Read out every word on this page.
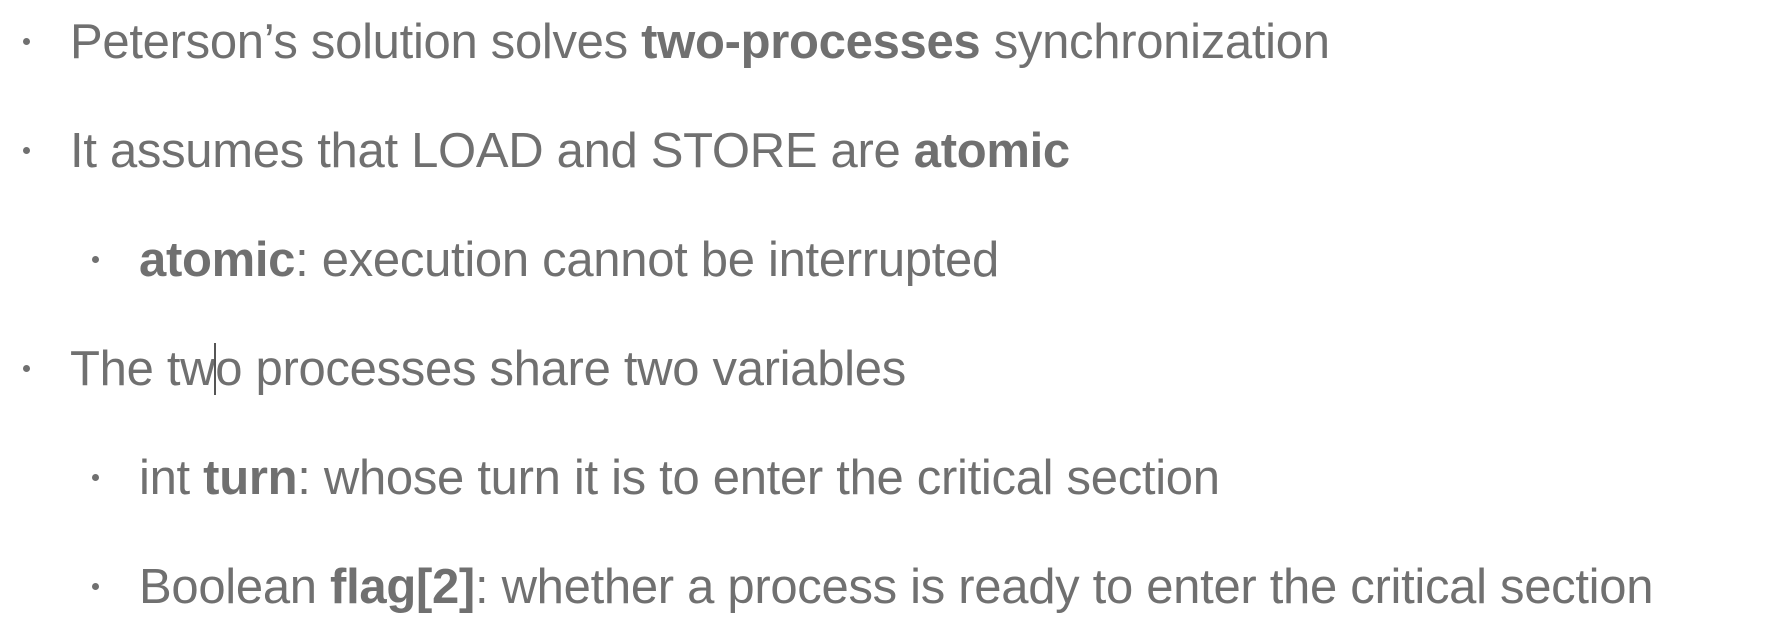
Peterson’s solution solves two-processes synchronization
It assumes that LOAD and STORE are atomic
atomic: execution cannot be interrupted
The two processes share two variables
int turn: whose turn it is to enter the critical section
Boolean flag[2]: whether a process is ready to enter the critical section
